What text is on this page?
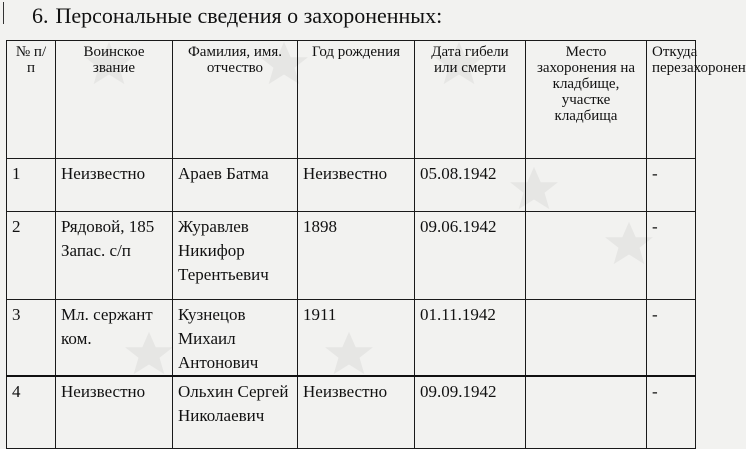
6. Персональные сведения о захороненных:
№ п/п	Воинское звание	Фамилия, имя. отчество	Год рождения	Дата гибели или смерти	Место захоронения на кладбище, участке кладбища	Откуда перезахоронен
1	Неизвестно	Араев Батма	Неизвестно	05.08.1942		-
2	Рядовой, 185 Запас. с/п	Журавлев Никифор Терентьевич	1898	09.06.1942		-
3	Мл. сержант ком.	Кузнецов Михаил Антонович	1911	01.11.1942		-
4	Неизвестно	Ольхин Сергей Николаевич	Неизвестно	09.09.1942		-
